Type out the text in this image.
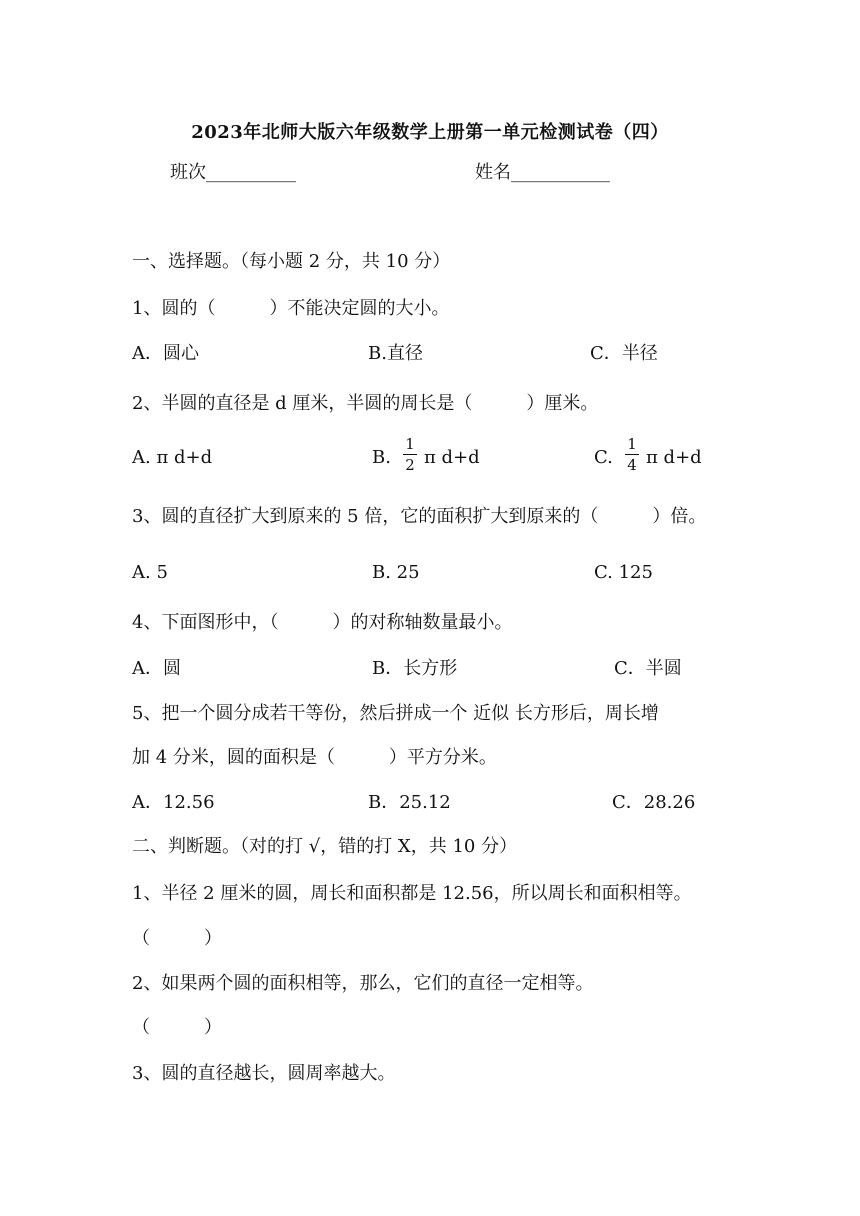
2023年北师大版六年级数学上册第一单元检测试卷（四）
班次__________	姓名___________
一、选择题。（每小题 2 分，共 10 分）
1、圆的（　　　）不能决定圆的大小。
A．圆心	B.直径	C．半径
2、半圆的直径是 d 厘米，半圆的周长是（　　　）厘米。
A. π d+d	B. $\frac{1}{2}$ π d+d	C. $\frac{1}{4}$ π d+d
3、圆的直径扩大到原来的 5 倍，它的面积扩大到原来的（　　　）倍。
A. 5	B. 25	C. 125
4、下面图形中，（　　　）的对称轴数量最小。
A．圆	B．长方形	C．半圆
5、把一个圆分成若干等份，然后拼成一个 近似 长方形后，周长增
加 4 分米，圆的面积是（　　　）平方分米。
A．12.56	B．25.12	C．28.26
二、判断题。（对的打 √，错的打 X，共 10 分）
1、半径 2 厘米的圆，周长和面积都是 12.56，所以周长和面积相等。
（　　　）
2、如果两个圆的面积相等，那么，它们的直径一定相等。
（　　　）
3、圆的直径越长，圆周率越大。
